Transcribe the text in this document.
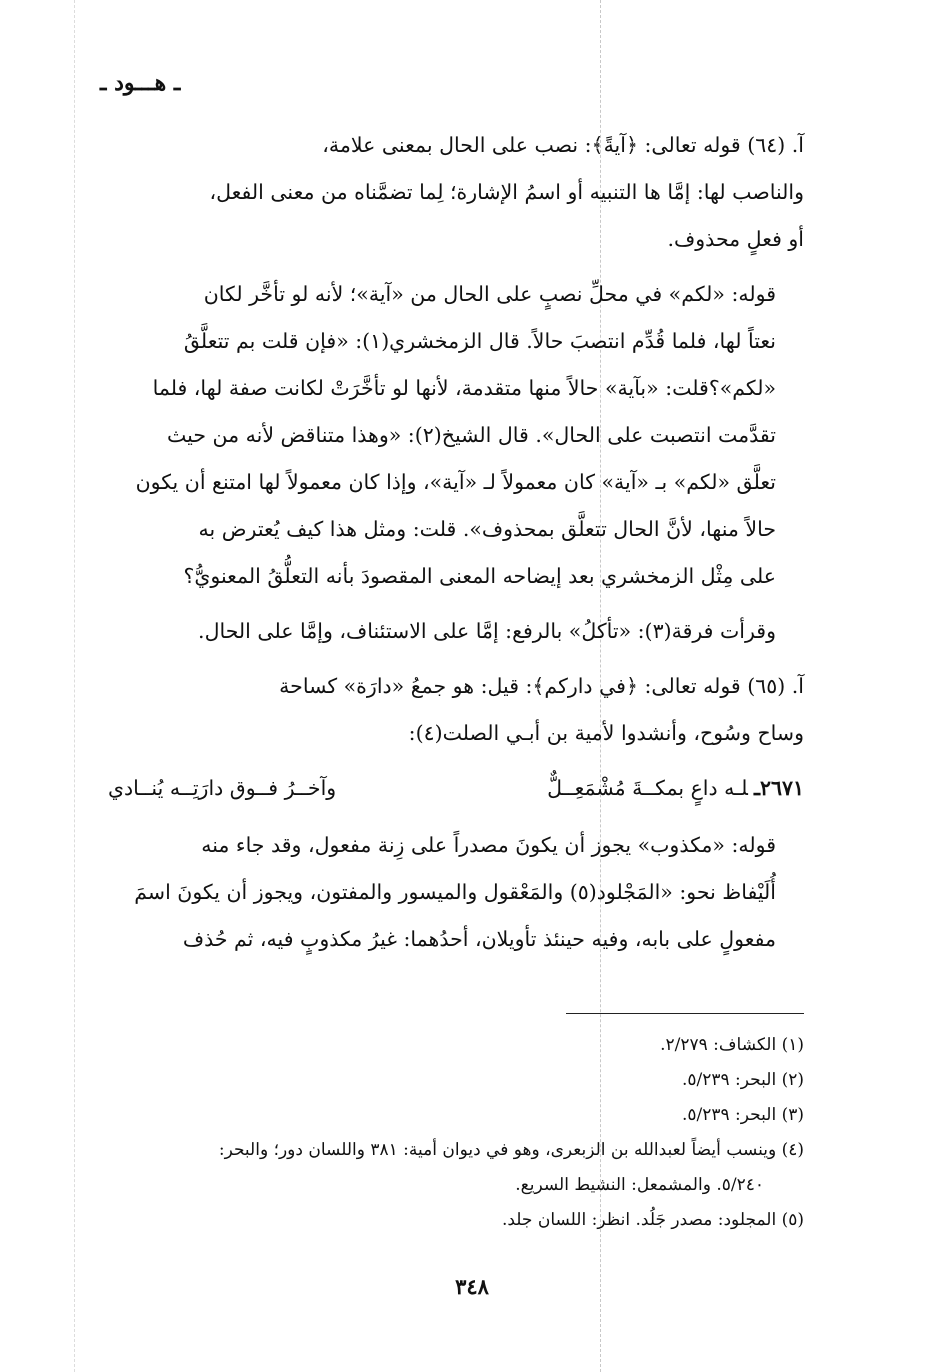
ـ هـــود ـ

آ. (٦٤) قوله تعالى: ﴿آيةً﴾: نصب على الحال بمعنى علامة،
والناصب لها: إمَّا ها التنبيه أو اسمُ الإشارة؛ لِما تضمَّناه من معنى الفعل،
أو فعلٍ محذوف.

قوله: «لكم» في محلِّ نصبٍ على الحال من «آية»؛ لأنه لو تأخَّر لكان
نعتاً لها، فلما قُدِّم انتصبَ حالاً. قال الزمخشري(١): «فإن قلت بم تتعلَّقُ
«لكم»؟قلت: «بآية» حالاً منها متقدمة، لأنها لو تأخَّرَتْ لكانت صفة لها، فلما
تقدَّمت انتصبت على الحال». قال الشيخ(٢): «وهذا متناقض لأنه من حيث
تعلَّق «لكم» بـ «آية» كان معمولاً لـ «آية»، وإذا كان معمولاً لها امتنع أن يكون
حالاً منها، لأنَّ الحال تتعلَّق بمحذوف». قلت: ومثل هذا كيف يُعترض به
على مِثْل الزمخشري بعد إيضاحه المعنى المقصودَ بأنه التعلُّقُ المعنويُّ؟

وقرأت فرقة(٣): «تأكلُ» بالرفع: إمَّا على الاستئناف، وإمَّا على الحال.

آ. (٦٥) قوله تعالى: ﴿في داركم﴾: قيل: هو جمعُ «دارَة» كساحة
وساح وسُوح، وأنشدوا لأمية بن أبـي الصلت(٤):

٢٦٧١ـلـه داعٍ بمكــةَ مُشْمَعِــلٌّ
وآخــرُ فــوق دارَتِــه يُنــادي

قوله: «مكذوب» يجوز أن يكونَ مصدراً على زِنة مفعول، وقد جاء منه
أُلَيْفاظ نحو: «المَجْلود(٥) والمَعْقول والميسور والمفتون، ويجوز أن يكونَ اسمَ
مفعولٍ على بابه، وفيه حينئذ تأويلان، أحدُهما: غيرُ مكذوبٍ فيه، ثم حُذف

(١) الكشاف: ٢/٢٧٩.
(٢) البحر: ٥/٢٣٩.
(٣) البحر: ٥/٢٣٩.
(٤) وينسب أيضاً لعبدالله بن الزبعرى، وهو في ديوان أمية: ٣٨١ واللسان دور؛ والبحر:
٥/٢٤٠. والمشمعل: النشيط السريع.
(٥) المجلود: مصدر جَلُد. انظر: اللسان جلد.
٣٤٨
